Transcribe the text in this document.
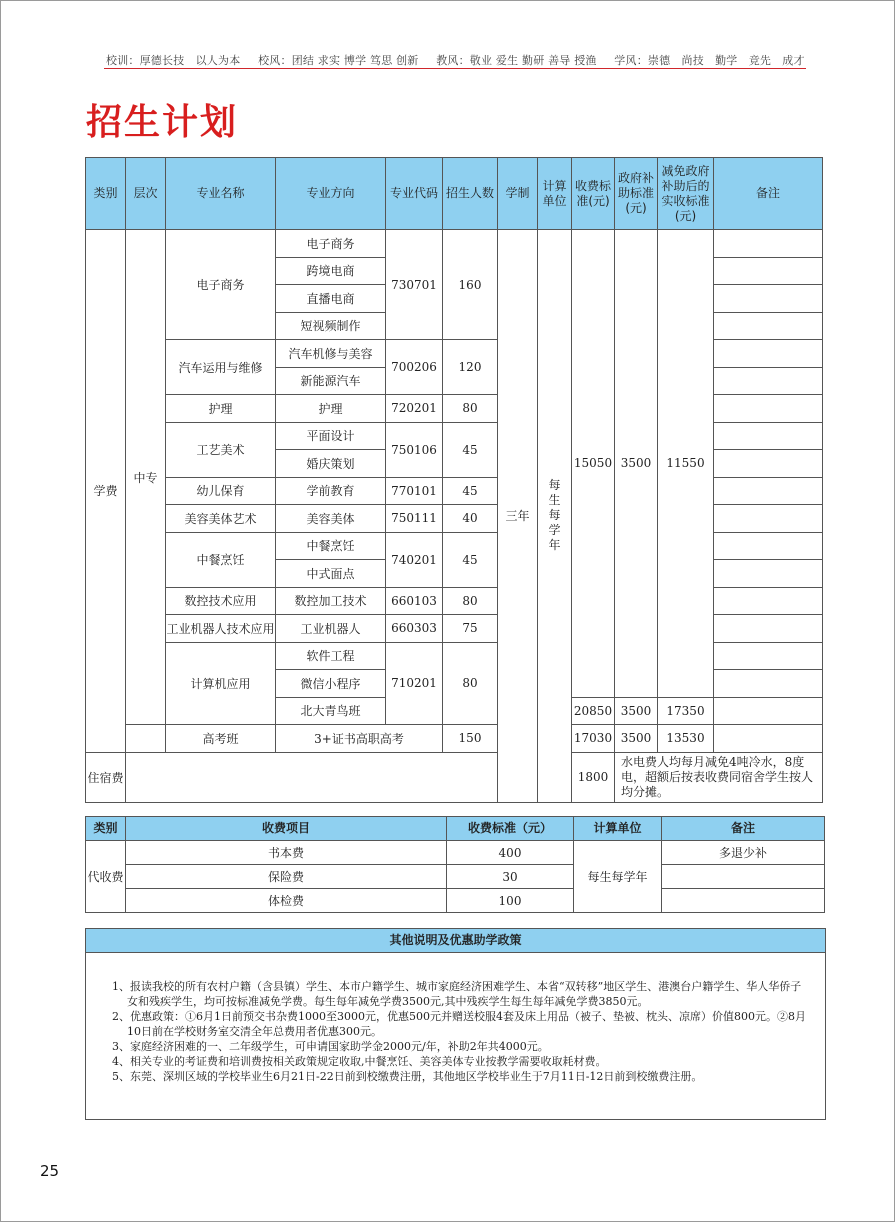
校训：厚德长技　以人为本 校风：团结 求实 博学 笃思 创新 教风：敬业 爱生 勤研 善导 授渔 学风：崇德　尚技　勤学　竞先　成才
招生计划
类别	层次	专业名称	专业方向	专业代码	招生人数	学制	计算单位	收费标准(元)	政府补助标准(元)	减免政府补助后的实收标准(元)	备注
学费	中专	电子商务	电子商务	730701	160	三年	每生每学年	15050	3500	11550	
			跨境电商								
			直播电商								
			短视频制作								
		汽车运用与维修	汽车机修与美容	700206	120						
			新能源汽车								
		护理	护理	720201	80						
		工艺美术	平面设计	750106	45						
			婚庆策划								
		幼儿保育	学前教育	770101	45						
		美容美体艺术	美容美体	750111	40						
		中餐烹饪	中餐烹饪	740201	45						
			中式面点								
		数控技术应用	数控加工技术	660103	80						
		工业机器人技术应用	工业机器人	660303	75						
		计算机应用	软件工程	710201	80						
			微信小程序								
			北大青鸟班					20850	3500	17350	
		高考班	3+证书高职高考		150			17030	3500	13530	
住宿费								1800	水电费人均每月减免4吨冷水，8度电，超额后按表收费同宿舍学生按人均分摊。		
类别	收费项目	收费标准（元）	计算单位	备注
代收费	书本费	400	每生每学年	多退少补
	保险费	30		
	体检费	100		
其他说明及优惠助学政策

1、报读我校的所有农村户籍（含县镇）学生、本市户籍学生、城市家庭经济困难学生、本省“双转移”地区学生、港澳台户籍学生、华人华侨子女和残疾学生，均可按标准减免学费。每生每年减免学费3500元,其中残疾学生每生每年减免学费3850元。

2、优惠政策：①6月1日前预交书杂费1000至3000元，优惠500元并赠送校服4套及床上用品（被子、垫被、枕头、凉席）价值800元。②8月10日前在学校财务室交清全年总费用者优惠300元。

3、家庭经济困难的一、二年级学生，可申请国家助学金2000元/年，补助2年共4000元。

4、相关专业的考证费和培训费按相关政策规定收取,中餐烹饪、美容美体专业按教学需要收取耗材费。

5、东莞、深圳区域的学校毕业生6月21日-22日前到校缴费注册，其他地区学校毕业生于7月11日-12日前到校缴费注册。

25
